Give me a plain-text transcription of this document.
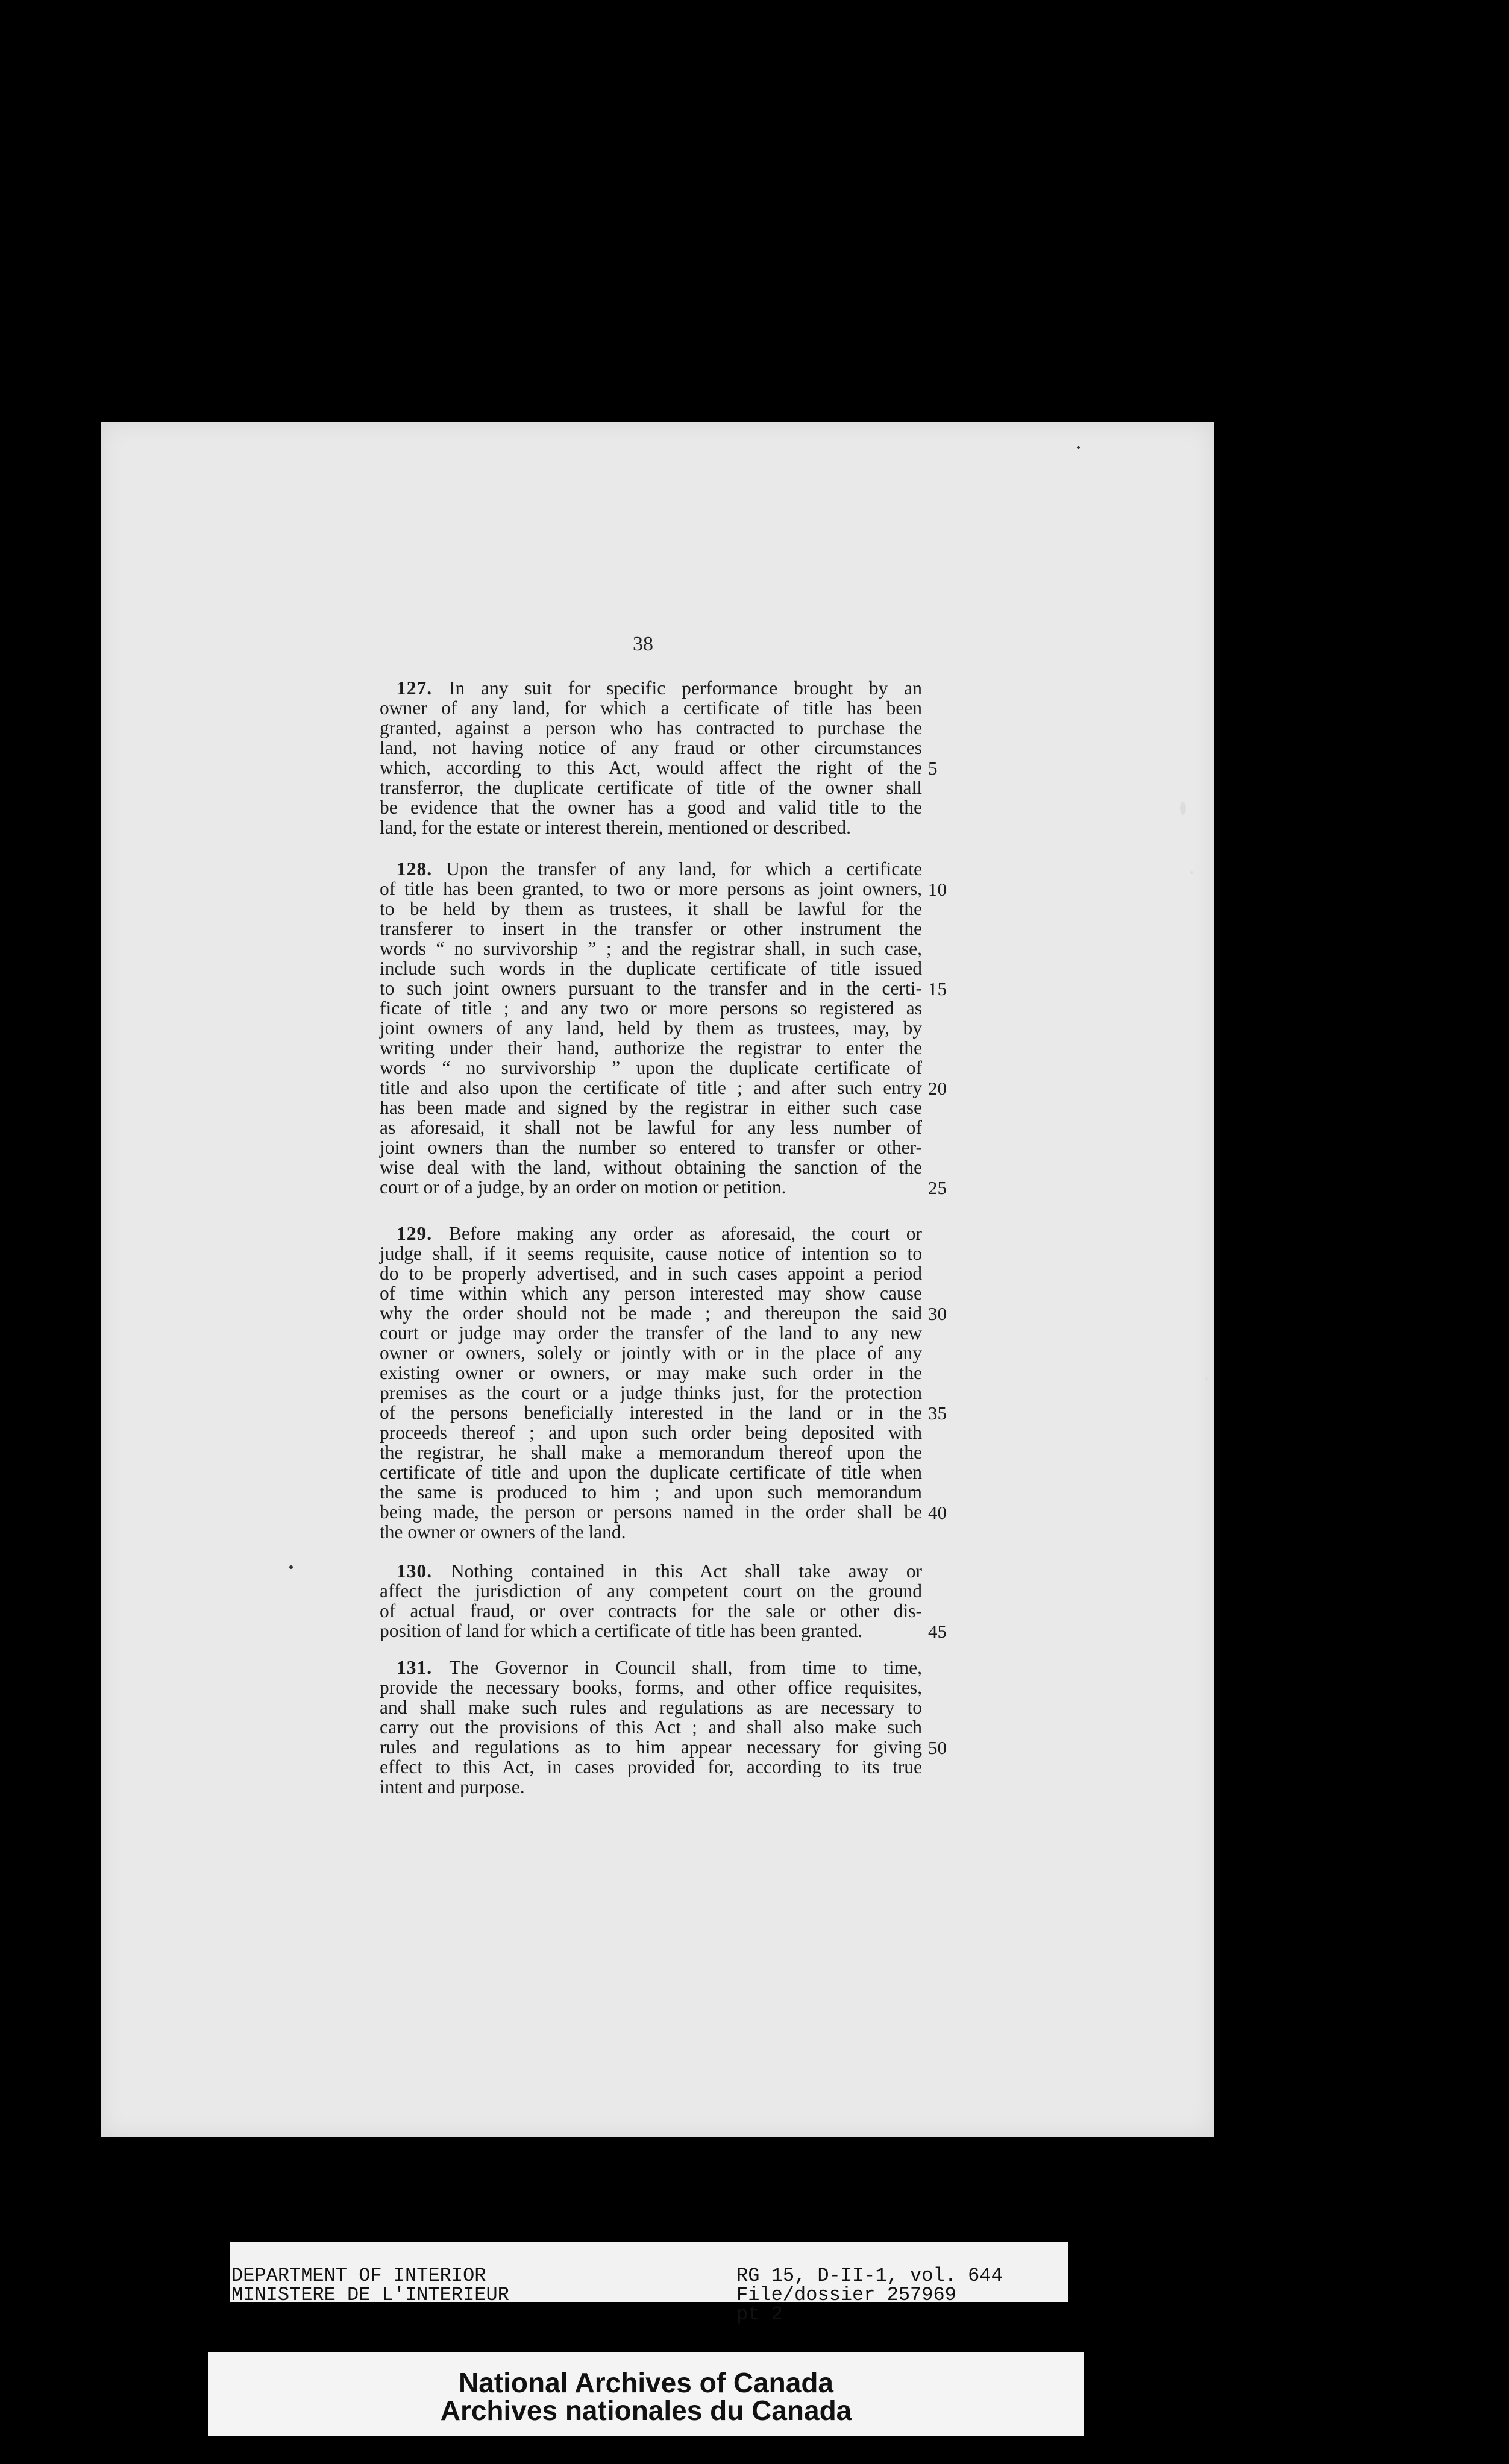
38
127. In any suit for specific performance brought by an
owner of any land, for which a certificate of title has been
granted, against a person who has contracted to purchase the
land, not having notice of any fraud or other circumstances
which, according to this Act, would affect the right of the
transferror, the duplicate certificate of title of the owner shall
be evidence that the owner has a good and valid title to the
land, for the estate or interest therein, mentioned or described.
128. Upon the transfer of any land, for which a certificate
of title has been granted, to two or more persons as joint owners,
to be held by them as trustees, it shall be lawful for the
transferer to insert in the transfer or other instrument the
words “ no survivorship ” ; and the registrar shall, in such case,
include such words in the duplicate certificate of title issued
to such joint owners pursuant to the transfer and in the certi-
ficate of title ; and any two or more persons so registered as
joint owners of any land, held by them as trustees, may, by
writing under their hand, authorize the registrar to enter the
words “ no survivorship ” upon the duplicate certificate of
title and also upon the certificate of title ; and after such entry
has been made and signed by the registrar in either such case
as aforesaid, it shall not be lawful for any less number of
joint owners than the number so entered to transfer or other-
wise deal with the land, without obtaining the sanction of the
court or of a judge, by an order on motion or petition.
129. Before making any order as aforesaid, the court or
judge shall, if it seems requisite, cause notice of intention so to
do to be properly advertised, and in such cases appoint a period
of time within which any person interested may show cause
why the order should not be made ; and thereupon the said
court or judge may order the transfer of the land to any new
owner or owners, solely or jointly with or in the place of any
existing owner or owners, or may make such order in the
premises as the court or a judge thinks just, for the protection
of the persons beneficially interested in the land or in the
proceeds thereof ; and upon such order being deposited with
the registrar, he shall make a memorandum thereof upon the
certificate of title and upon the duplicate certificate of title when
the same is produced to him ; and upon such memorandum
being made, the person or persons named in the order shall be
the owner or owners of the land.
130. Nothing contained in this Act shall take away or
affect the jurisdiction of any competent court on the ground
of actual fraud, or over contracts for the sale or other dis-
position of land for which a certificate of title has been granted.
131. The Governor in Council shall, from time to time,
provide the necessary books, forms, and other office requisites,
and shall make such rules and regulations as are necessary to
carry out the provisions of this Act ; and shall also make such
rules and regulations as to him appear necessary for giving
effect to this Act, in cases provided for, according to its true
intent and purpose.
5
10
15
20
25
30
35
40
45
50
DEPARTMENT OF INTERIOR
MINISTERE DE L'INTERIEUR
RG 15, D-II-1, vol. 644
File/dossier 257969
pt 2
National Archives of Canada
Archives nationales du Canada
